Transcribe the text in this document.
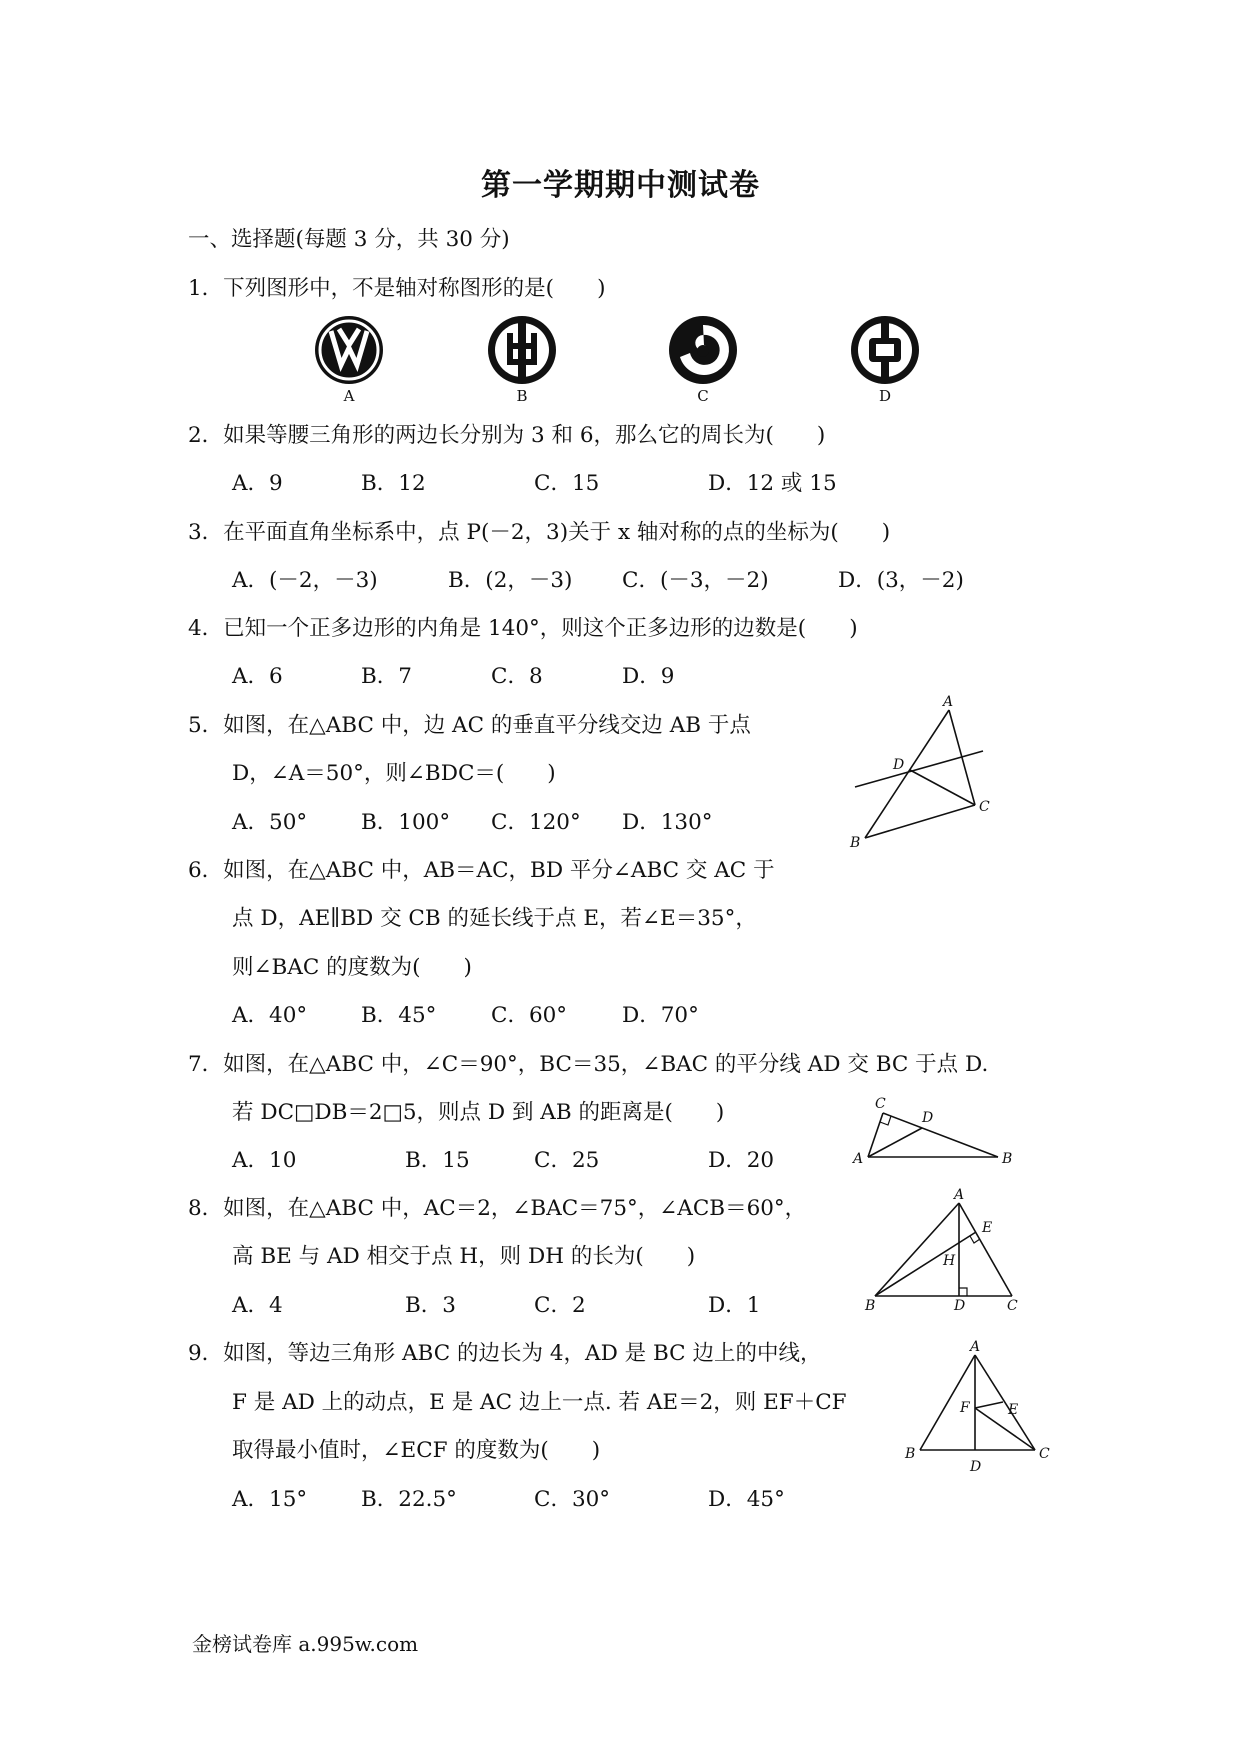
第一学期期中测试卷
一、选择题(每题 3 分，共 30 分)
1．下列图形中，不是轴对称图形的是(　　)
A	B	C	D
2．如果等腰三角形的两边长分别为 3 和 6，那么它的周长为(　　)
A．9	B．12	C．15	D．12 或 15
3．在平面直角坐标系中，点 P(－2，3)关于 x 轴对称的点的坐标为(　　)
A．(－2，－3)	B．(2，－3) C．(－3，－2)	D．(3，－2)
4．已知一个正多边形的内角是 140°，则这个正多边形的边数是(　　)
A．6	B．7	C．8	D．9
5．如图，在△ABC 中，边 AC 的垂直平分线交边 AB 于点
D，∠A＝50°，则∠BDC＝(　　)
A．50°	B．100° C．120° D．130°
A
D
C
B
6．如图，在△ABC 中，AB＝AC，BD 平分∠ABC 交 AC 于
点 D，AE∥BD 交 CB 的延长线于点 E，若∠E＝35°，
则∠BAC 的度数为(　　)
A．40°	B．45°	C．60°	D．70°
7．如图，在△ABC 中，∠C＝90°，BC＝35，∠BAC 的平分线 AD 交 BC 于点 D.
若 DC□DB＝2□5，则点 D 到 AB 的距离是(　　)
A．10	B．15	C．25	D．20
C
D
A	B
8．如图，在△ABC 中，AC＝2，∠BAC＝75°，∠ACB＝60°，
高 BE 与 AD 相交于点 H，则 DH 的长为(　　)
A．4	B．3	C．2	D．1
A
E
H
B	D	C
9．如图，等边三角形 ABC 的边长为 4，AD 是 BC 边上的中线，
F 是 AD 上的动点，E 是 AC 边上一点. 若 AE＝2，则 EF＋CF
取得最小值时，∠ECF 的度数为(　　)
A．15°	B．22.5°	C．30°	D．45°
A
F	E
B	C
D
金榜试卷库 a.995w.com
